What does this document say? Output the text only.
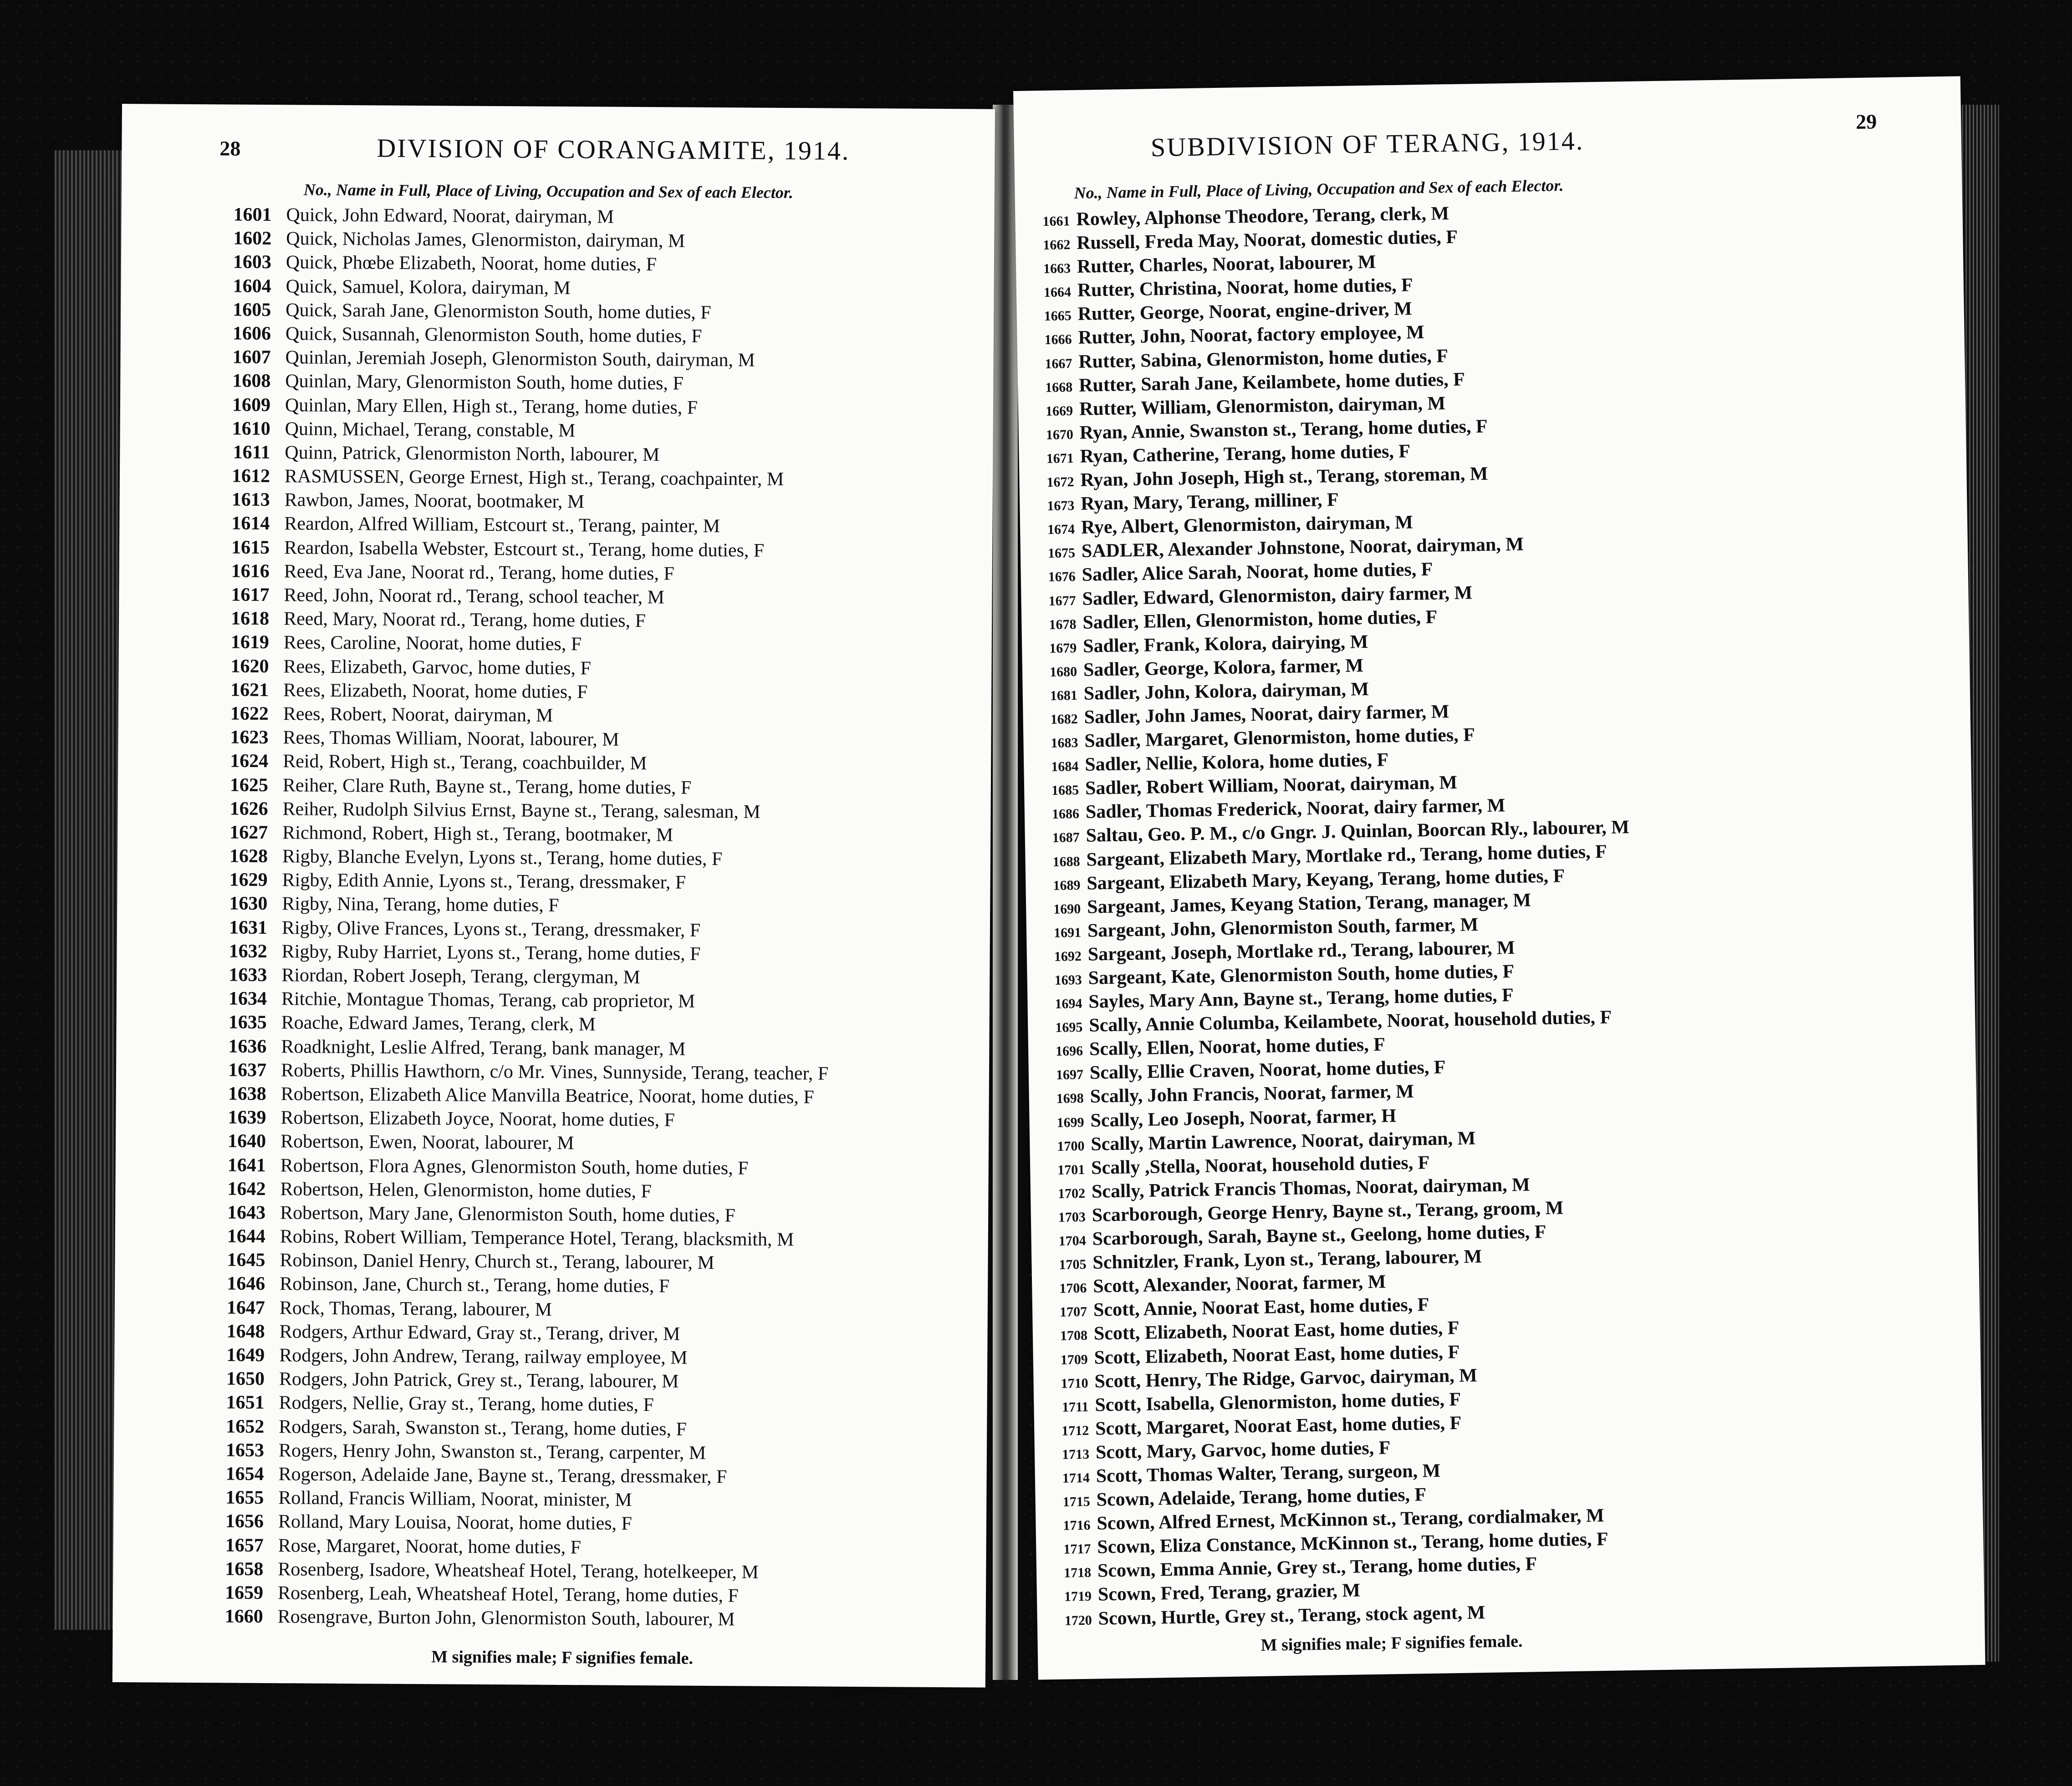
28	DIVISION OF CORANGAMITE, 1914.
No., Name in Full, Place of Living, Occupation and Sex of each Elector.
1601 Quick, John Edward, Noorat, dairyman, M
1602 Quick, Nicholas James, Glenormiston, dairyman, M
1603 Quick, Phœbe Elizabeth, Noorat, home duties, F
1604 Quick, Samuel, Kolora, dairyman, M
1605 Quick, Sarah Jane, Glenormiston South, home duties, F
1606 Quick, Susannah, Glenormiston South, home duties, F
1607 Quinlan, Jeremiah Joseph, Glenormiston South, dairyman, M
1608 Quinlan, Mary, Glenormiston South, home duties, F
1609 Quinlan, Mary Ellen, High st., Terang, home duties, F
1610 Quinn, Michael, Terang, constable, M
1611 Quinn, Patrick, Glenormiston North, labourer, M
1612 RASMUSSEN, George Ernest, High st., Terang, coachpainter, M
1613 Rawbon, James, Noorat, bootmaker, M
1614 Reardon, Alfred William, Estcourt st., Terang, painter, M
1615 Reardon, Isabella Webster, Estcourt st., Terang, home duties, F
1616 Reed, Eva Jane, Noorat rd., Terang, home duties, F
1617 Reed, John, Noorat rd., Terang, school teacher, M
1618 Reed, Mary, Noorat rd., Terang, home duties, F
1619 Rees, Caroline, Noorat, home duties, F
1620 Rees, Elizabeth, Garvoc, home duties, F
1621 Rees, Elizabeth, Noorat, home duties, F
1622 Rees, Robert, Noorat, dairyman, M
1623 Rees, Thomas William, Noorat, labourer, M
1624 Reid, Robert, High st., Terang, coachbuilder, M
1625 Reiher, Clare Ruth, Bayne st., Terang, home duties, F
1626 Reiher, Rudolph Silvius Ernst, Bayne st., Terang, salesman, M
1627 Richmond, Robert, High st., Terang, bootmaker, M
1628 Rigby, Blanche Evelyn, Lyons st., Terang, home duties, F
1629 Rigby, Edith Annie, Lyons st., Terang, dressmaker, F
1630 Rigby, Nina, Terang, home duties, F
1631 Rigby, Olive Frances, Lyons st., Terang, dressmaker, F
1632 Rigby, Ruby Harriet, Lyons st., Terang, home duties, F
1633 Riordan, Robert Joseph, Terang, clergyman, M
1634 Ritchie, Montague Thomas, Terang, cab proprietor, M
1635 Roache, Edward James, Terang, clerk, M
1636 Roadknight, Leslie Alfred, Terang, bank manager, M
1637 Roberts, Phillis Hawthorn, c/o Mr. Vines, Sunnyside, Terang, teacher, F
1638 Robertson, Elizabeth Alice Manvilla Beatrice, Noorat, home duties, F
1639 Robertson, Elizabeth Joyce, Noorat, home duties, F
1640 Robertson, Ewen, Noorat, labourer, M
1641 Robertson, Flora Agnes, Glenormiston South, home duties, F
1642 Robertson, Helen, Glenormiston, home duties, F
1643 Robertson, Mary Jane, Glenormiston South, home duties, F
1644 Robins, Robert William, Temperance Hotel, Terang, blacksmith, M
1645 Robinson, Daniel Henry, Church st., Terang, labourer, M
1646 Robinson, Jane, Church st., Terang, home duties, F
1647 Rock, Thomas, Terang, labourer, M
1648 Rodgers, Arthur Edward, Gray st., Terang, driver, M
1649 Rodgers, John Andrew, Terang, railway employee, M
1650 Rodgers, John Patrick, Grey st., Terang, labourer, M
1651 Rodgers, Nellie, Gray st., Terang, home duties, F
1652 Rodgers, Sarah, Swanston st., Terang, home duties, F
1653 Rogers, Henry John, Swanston st., Terang, carpenter, M
1654 Rogerson, Adelaide Jane, Bayne st., Terang, dressmaker, F
1655 Rolland, Francis William, Noorat, minister, M
1656 Rolland, Mary Louisa, Noorat, home duties, F
1657 Rose, Margaret, Noorat, home duties, F
1658 Rosenberg, Isadore, Wheatsheaf Hotel, Terang, hotelkeeper, M
1659 Rosenberg, Leah, Wheatsheaf Hotel, Terang, home duties, F
1660 Rosengrave, Burton John, Glenormiston South, labourer, M
M signifies male; F signifies female.
SUBDIVISION OF TERANG, 1914.
29
No., Name in Full, Place of Living, Occupation and Sex of each Elector.
1661 Rowley, Alphonse Theodore, Terang, clerk, M
1662 Russell, Freda May, Noorat, domestic duties, F
1663 Rutter, Charles, Noorat, labourer, M
1664 Rutter, Christina, Noorat, home duties, F
1665 Rutter, George, Noorat, engine-driver, M
1666 Rutter, John, Noorat, factory employee, M
1667 Rutter, Sabina, Glenormiston, home duties, F
1668 Rutter, Sarah Jane, Keilambete, home duties, F
1669 Rutter, William, Glenormiston, dairyman, M
1670 Ryan, Annie, Swanston st., Terang, home duties, F
1671 Ryan, Catherine, Terang, home duties, F
1672 Ryan, John Joseph, High st., Terang, storeman, M
1673 Ryan, Mary, Terang, milliner, F
1674 Rye, Albert, Glenormiston, dairyman, M
1675 SADLER, Alexander Johnstone, Noorat, dairyman, M
1676 Sadler, Alice Sarah, Noorat, home duties, F
1677 Sadler, Edward, Glenormiston, dairy farmer, M
1678 Sadler, Ellen, Glenormiston, home duties, F
1679 Sadler, Frank, Kolora, dairying, M
1680 Sadler, George, Kolora, farmer, M
1681 Sadler, John, Kolora, dairyman, M
1682 Sadler, John James, Noorat, dairy farmer, M
1683 Sadler, Margaret, Glenormiston, home duties, F
1684 Sadler, Nellie, Kolora, home duties, F
1685 Sadler, Robert William, Noorat, dairyman, M
1686 Sadler, Thomas Frederick, Noorat, dairy farmer, M
1687 Saltau, Geo. P. M., c/o Gngr. J. Quinlan, Boorcan Rly., labourer, M
1688 Sargeant, Elizabeth Mary, Mortlake rd., Terang, home duties, F
1689 Sargeant, Elizabeth Mary, Keyang, Terang, home duties, F
1690 Sargeant, James, Keyang Station, Terang, manager, M
1691 Sargeant, John, Glenormiston South, farmer, M
1692 Sargeant, Joseph, Mortlake rd., Terang, labourer, M
1693 Sargeant, Kate, Glenormiston South, home duties, F
1694 Sayles, Mary Ann, Bayne st., Terang, home duties, F
1695 Scally, Annie Columba, Keilambete, Noorat, household duties, F
1696 Scally, Ellen, Noorat, home duties, F
1697 Scally, Ellie Craven, Noorat, home duties, F
1698 Scally, John Francis, Noorat, farmer, M
1699 Scally, Leo Joseph, Noorat, farmer, H
1700 Scally, Martin Lawrence, Noorat, dairyman, M
1701 Scally ,Stella, Noorat, household duties, F
1702 Scally, Patrick Francis Thomas, Noorat, dairyman, M
1703 Scarborough, George Henry, Bayne st., Terang, groom, M
1704 Scarborough, Sarah, Bayne st., Geelong, home duties, F
1705 Schnitzler, Frank, Lyon st., Terang, labourer, M
1706 Scott, Alexander, Noorat, farmer, M
1707 Scott, Annie, Noorat East, home duties, F
1708 Scott, Elizabeth, Noorat East, home duties, F
1709 Scott, Elizabeth, Noorat East, home duties, F
1710 Scott, Henry, The Ridge, Garvoc, dairyman, M
1711 Scott, Isabella, Glenormiston, home duties, F
1712 Scott, Margaret, Noorat East, home duties, F
1713 Scott, Mary, Garvoc, home duties, F
1714 Scott, Thomas Walter, Terang, surgeon, M
1715 Scown, Adelaide, Terang, home duties, F
1716 Scown, Alfred Ernest, McKinnon st., Terang, cordialmaker, M
1717 Scown, Eliza Constance, McKinnon st., Terang, home duties, F
1718 Scown, Emma Annie, Grey st., Terang, home duties, F
1719 Scown, Fred, Terang, grazier, M
1720 Scown, Hurtle, Grey st., Terang, stock agent, M
M signifies male; F signifies female.
